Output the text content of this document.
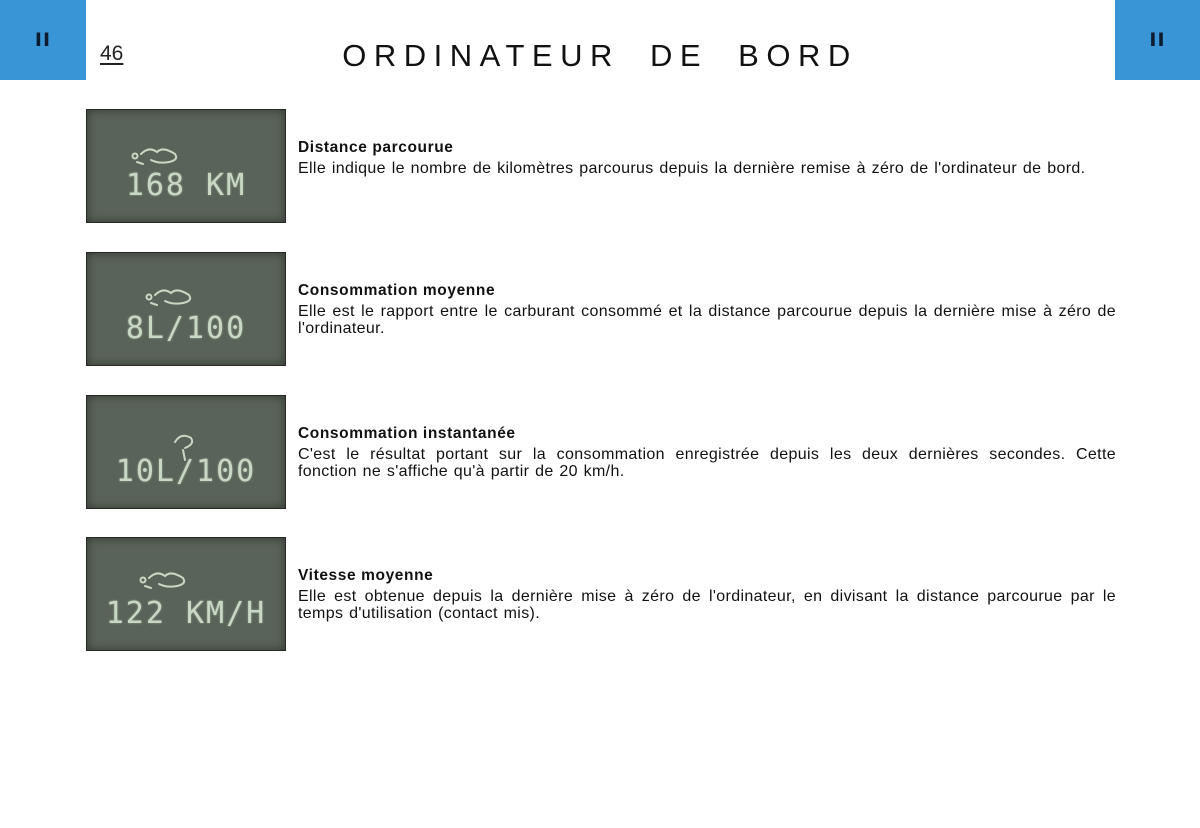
II
46	ORDINATEUR DE BORD	II
168 KM
Distance parcourue

Elle indique le nombre de kilomètres parcourus depuis la dernière remise à zéro de l'ordinateur de bord.

8L/100
Consommation moyenne

Elle est le rapport entre le carburant consommé et la distance parcourue depuis la dernière mise à zéro de l'ordinateur.

10L/100
Consommation instantanée

C'est le résultat portant sur la consommation enregistrée depuis les deux dernières secondes. Cette fonction ne s'affiche qu'à partir de 20 km/h.

122 KM/H
Vitesse moyenne

Elle est obtenue depuis la dernière mise à zéro de l'ordinateur, en divisant la distance parcourue par le temps d'utilisation (contact mis).
